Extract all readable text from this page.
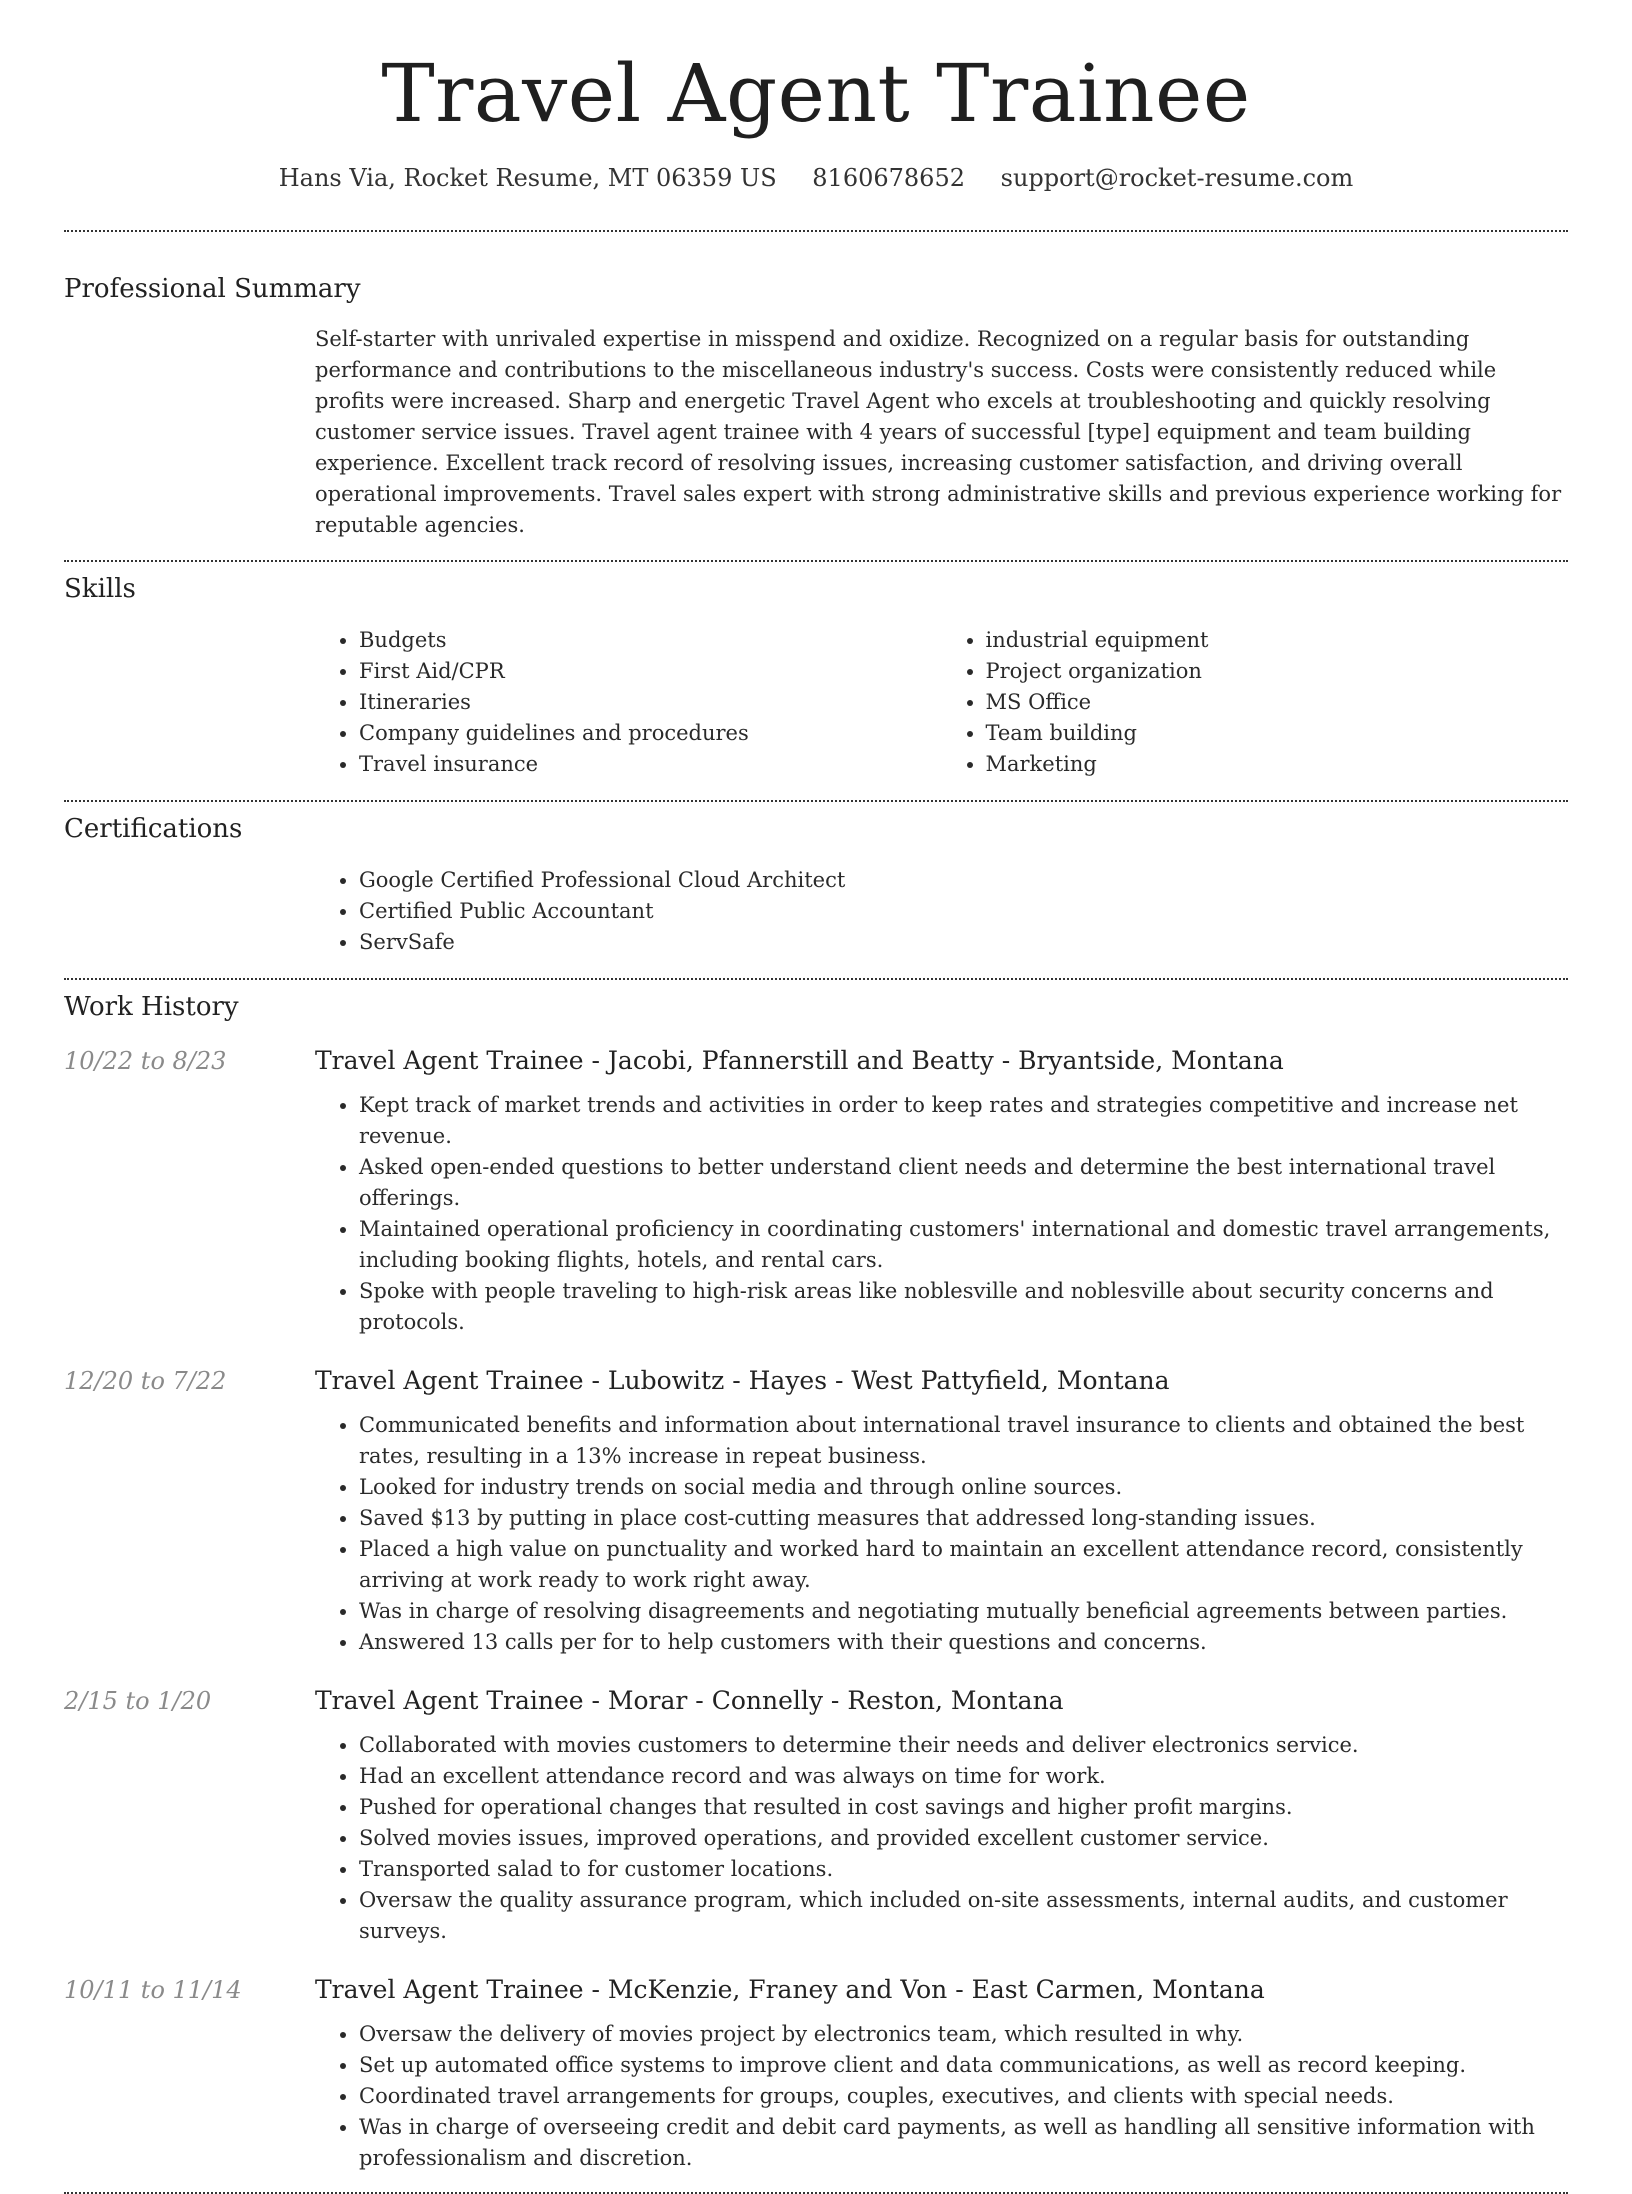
Travel Agent Trainee
Hans Via, Rocket Resume, MT 06359 US 8160678652 support@rocket-resume.com
Professional Summary

Self-starter with unrivaled expertise in misspend and oxidize. Recognized on a regular basis for outstanding performance and contributions to the miscellaneous industry's success. Costs were consistently reduced while profits were increased. Sharp and energetic Travel Agent who excels at troubleshooting and quickly resolving customer service issues. Travel agent trainee with 4 years of successful [type] equipment and team building experience. Excellent track record of resolving issues, increasing customer satisfaction, and driving overall operational improvements. Travel sales expert with strong administrative skills and previous experience working for reputable agencies.

Skills
• Budgets
• First Aid/CPR
• Itineraries
• Company guidelines and procedures
• Travel insurance
• industrial equipment
• Project organization
• MS Office
• Team building
• Marketing
Certifications
• Google Certified Professional Cloud Architect
• Certified Public Accountant
• ServSafe
Work History
10/22 to 8/23	Travel Agent Trainee - Jacobi, Pfannerstill and Beatty - Bryantside, Montana
• Kept track of market trends and activities in order to keep rates and strategies competitive and increase net revenue.
• Asked open-ended questions to better understand client needs and determine the best international travel offerings.
• Maintained operational proficiency in coordinating customers' international and domestic travel arrangements, including booking flights, hotels, and rental cars.
• Spoke with people traveling to high-risk areas like noblesville and noblesville about security concerns and protocols.
12/20 to 7/22	Travel Agent Trainee - Lubowitz - Hayes - West Pattyfield, Montana
• Communicated benefits and information about international travel insurance to clients and obtained the best rates, resulting in a 13% increase in repeat business.
• Looked for industry trends on social media and through online sources.
• Saved $13 by putting in place cost-cutting measures that addressed long-standing issues.
• Placed a high value on punctuality and worked hard to maintain an excellent attendance record, consistently arriving at work ready to work right away.
• Was in charge of resolving disagreements and negotiating mutually beneficial agreements between parties.
• Answered 13 calls per for to help customers with their questions and concerns.
2/15 to 1/20	Travel Agent Trainee - Morar - Connelly - Reston, Montana
• Collaborated with movies customers to determine their needs and deliver electronics service.
• Had an excellent attendance record and was always on time for work.
• Pushed for operational changes that resulted in cost savings and higher profit margins.
• Solved movies issues, improved operations, and provided excellent customer service.
• Transported salad to for customer locations.
• Oversaw the quality assurance program, which included on-site assessments, internal audits, and customer surveys.
10/11 to 11/14	Travel Agent Trainee - McKenzie, Franey and Von - East Carmen, Montana
• Oversaw the delivery of movies project by electronics team, which resulted in why.
• Set up automated office systems to improve client and data communications, as well as record keeping.
• Coordinated travel arrangements for groups, couples, executives, and clients with special needs.
• Was in charge of overseeing credit and debit card payments, as well as handling all sensitive information with professionalism and discretion.
